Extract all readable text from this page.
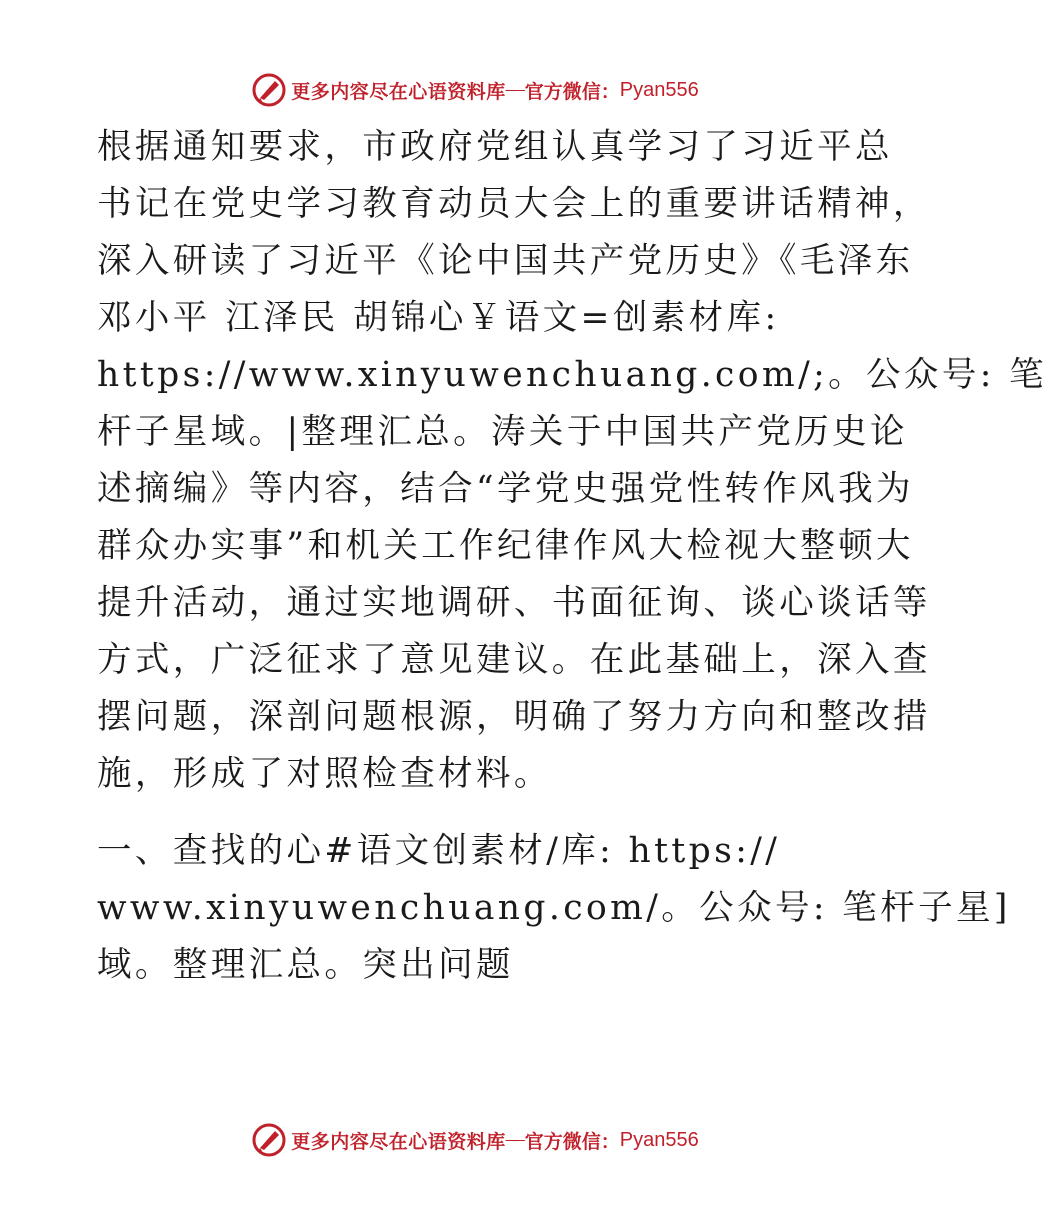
更多内容尽在心语资料库 — 官方微信： Pyan556
根据通知要求，市政府党组认真学习了习近平总
书记在党史学习教育动员大会上的重要讲话精神，
深入研读了习近平《论中国共产党历史》《毛泽东
邓小平 江泽民 胡锦心￥语文=创素材库:
https://www.xinyuwenchuang.com/;。公众号: 笔
杆子星域。|整理汇总。涛关于中国共产党历史论
述摘编》等内容，结合“学党史强党性转作风我为
群众办实事”和机关工作纪律作风大检视大整顿大
提升活动，通过实地调研、书面征询、谈心谈话等
方式，广泛征求了意见建议。在此基础上，深入查
摆问题，深剖问题根源，明确了努力方向和整改措
施，形成了对照检查材料。
一、查找的心#语文创素材/库: https://
www.xinyuwenchuang.com/。公众号: 笔杆子星]
域。整理汇总。突出问题
更多内容尽在心语资料库 — 官方微信： Pyan556
